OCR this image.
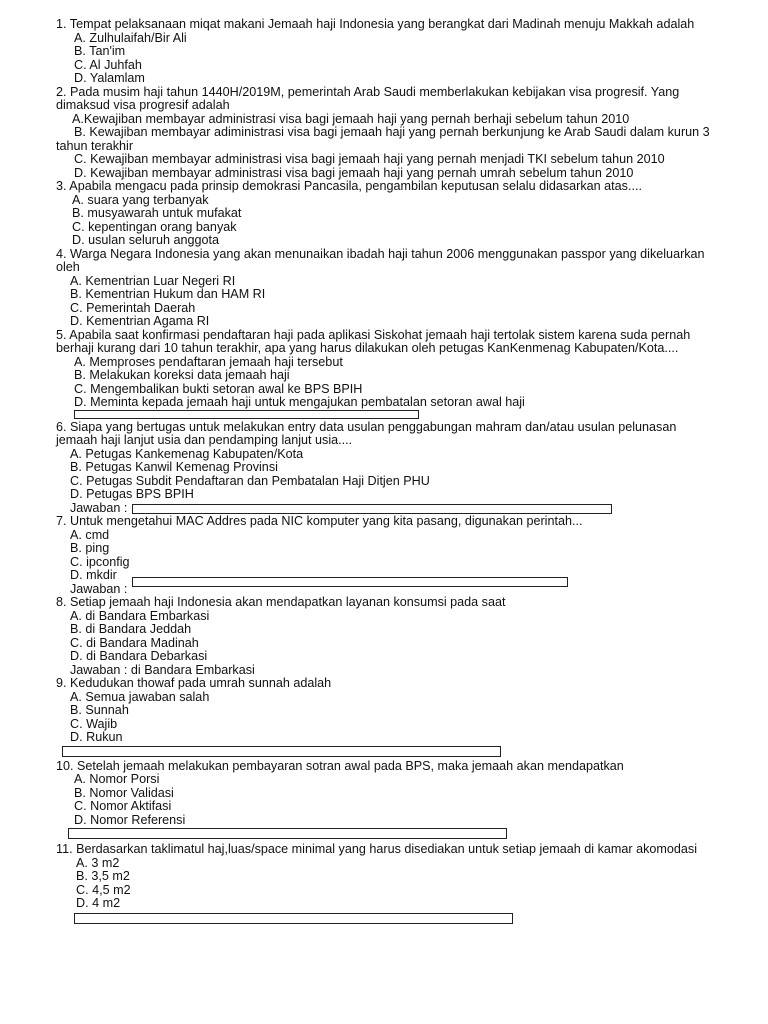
1. Tempat pelaksanaan miqat makani Jemaah haji Indonesia yang berangkat dari Madinah menuju Makkah adalah
A. Zulhulaifah/Bir Ali
B. Tan'im
C. Al Juhfah
D. Yalamlam
2. Pada musim haji tahun 1440H/2019M, pemerintah Arab Saudi memberlakukan kebijakan visa progresif. Yang dimaksud visa progresif adalah
A.Kewajiban membayar administrasi visa bagi jemaah haji yang pernah berhaji sebelum tahun 2010
B. Kewajiban membayar adiministrasi visa bagi jemaah haji yang pernah berkunjung ke Arab Saudi dalam kurun 3 tahun terakhir
C. Kewajiban membayar administrasi visa bagi jemaah haji yang pernah menjadi TKI sebelum tahun 2010
D. Kewajiban membayar administrasi visa bagi jemaah haji yang pernah umrah sebelum tahun 2010
3. Apabila mengacu pada prinsip demokrasi Pancasila, pengambilan keputusan selalu didasarkan atas....
A. suara yang terbanyak
B. musyawarah untuk mufakat
C. kepentingan orang banyak
D. usulan seluruh anggota
4. Warga Negara Indonesia yang akan menunaikan ibadah haji tahun 2006 menggunakan passpor yang dikeluarkan oleh
A. Kementrian Luar Negeri RI
B. Kementrian Hukum dan HAM RI
C. Pemerintah Daerah
D. Kementrian Agama RI
5. Apabila saat konfirmasi pendaftaran haji pada aplikasi Siskohat jemaah haji tertolak sistem karena suda pernah berhaji kurang dari 10 tahun terakhir, apa yang harus dilakukan oleh petugas KanKenmenag Kabupaten/Kota....
A. Memproses pendaftaran jemaah haji tersebut
B. Melakukan koreksi data jemaah haji
C. Mengembalikan bukti setoran awal ke BPS BPIH
D. Meminta kepada jemaah haji untuk mengajukan pembatalan setoran awal haji
6. Siapa yang bertugas untuk melakukan entry data usulan penggabungan mahram dan/atau usulan pelunasan jemaah haji lanjut usia dan pendamping lanjut usia....
A. Petugas Kankemenag Kabupaten/Kota
B. Petugas Kanwil Kemenag Provinsi
C. Petugas Subdit Pendaftaran dan Pembatalan Haji Ditjen PHU
D. Petugas BPS BPIH
Jawaban :
7. Untuk mengetahui MAC Addres pada NIC komputer yang kita pasang, digunakan perintah...
A. cmd
B. ping
C. ipconfig
D. mkdir
Jawaban :
8. Setiap jemaah haji Indonesia akan mendapatkan layanan konsumsi pada saat
A. di Bandara Embarkasi
B. di Bandara Jeddah
C. di Bandara Madinah
D. di Bandara Debarkasi
Jawaban : di Bandara Embarkasi
9. Kedudukan thowaf pada umrah sunnah adalah
A. Semua jawaban salah
B. Sunnah
C. Wajib
D. Rukun
10. Setelah jemaah melakukan pembayaran sotran awal pada BPS, maka jemaah akan mendapatkan
A. Nomor Porsi
B. Nomor Validasi
C. Nomor Aktifasi
D. Nomor Referensi
11. Berdasarkan taklimatul haj,luas/space minimal yang harus disediakan untuk setiap jemaah di kamar akomodasi
A. 3 m2
B. 3,5 m2
C. 4,5 m2
D. 4 m2
